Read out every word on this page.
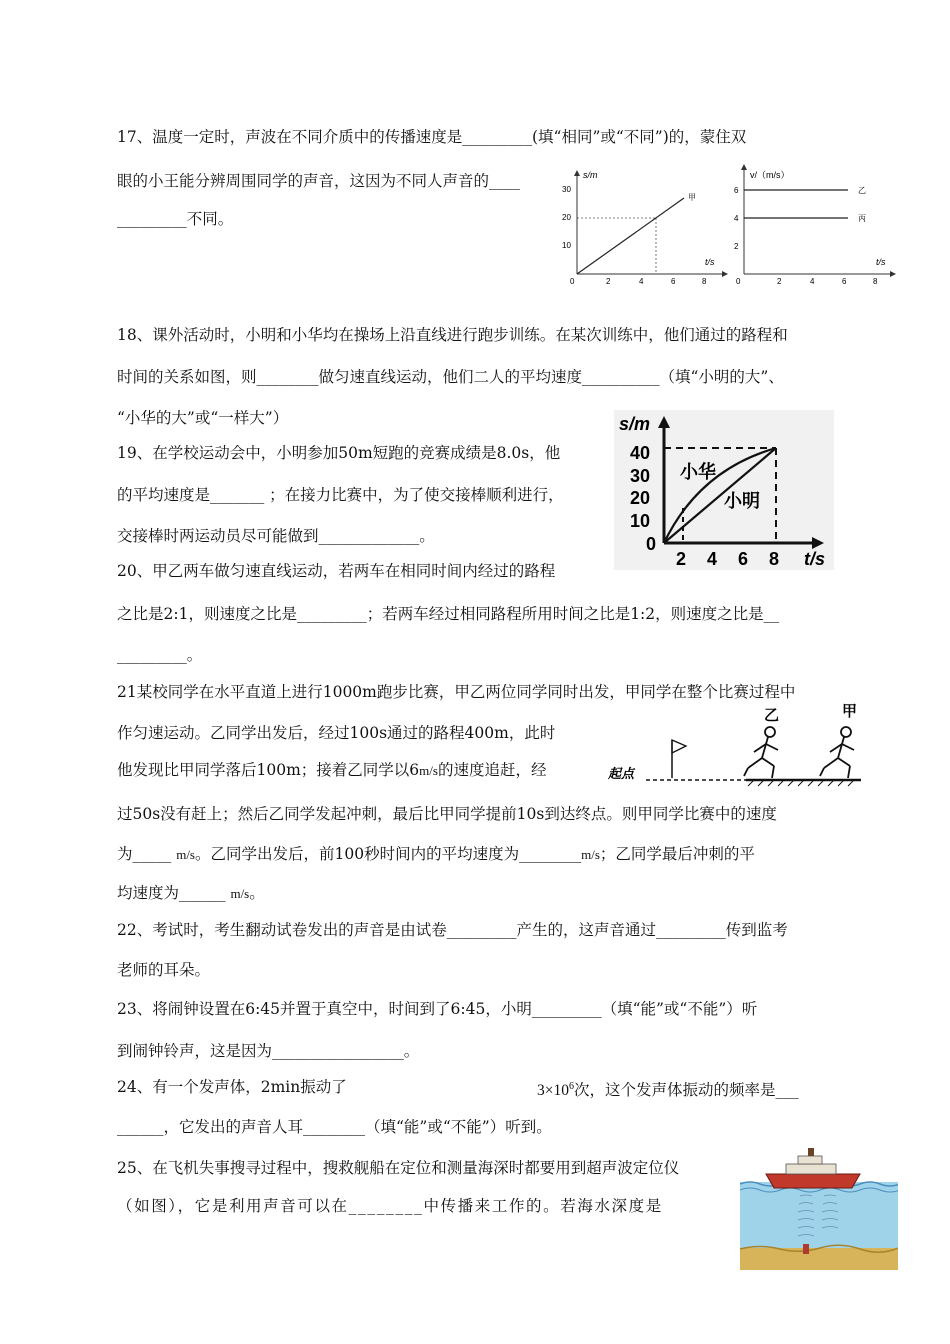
17、温度一定时，声波在不同介质中的传播速度是_________(填“相同”或“不同”)的，蒙住双
眼的小王能分辨周围同学的声音，这因为不同人声音的____
_________不同。
s/m
t/s
30
20
10
0	2	4	6	8
甲
v/（m/s）
t/s
6
4
2
0	2	4	6	8
乙
丙
18、课外活动时，小明和小华均在操场上沿直线进行跑步训练。在某次训练中，他们通过的路程和
时间的关系如图，则________做匀速直线运动，他们二人的平均速度__________（填“小明的大”、
“小华的大”或“一样大”）	s/m
t/s
40
30
20
10
0
2 4 6 8
小华
小明
19、在学校运动会中，小明参加50m短跑的竞赛成绩是8.0s，他
的平均速度是_______ ；在接力比赛中，为了使交接棒顺利进行，
交接棒时两运动员尽可能做到_____________。
20、甲乙两车做匀速直线运动，若两车在相同时间内经过的路程
之比是2:1，则速度之比是_________；若两车经过相同路程所用时间之比是1:2，则速度之比是__
_________。
21某校同学在水平直道上进行1000m跑步比赛，甲乙两位同学同时出发，甲同学在整个比赛过程中
作匀速运动。乙同学出发后，经过100s通过的路程400m，此时
他发现比甲同学落后100m；接着乙同学以6m/s的速度追赶，经
过50s没有赶上；然后乙同学发起冲刺，最后比甲同学提前10s到达终点。则甲同学比赛中的速度
为_____ m/s。乙同学出发后，前100秒时间内的平均速度为________m/s；乙同学最后冲刺的平
均速度为______ m/s。
起点
乙	甲
22、考试时，考生翻动试卷发出的声音是由试卷_________产生的，这声音通过_________传到监考
老师的耳朵。
23、将闹钟设置在6:45并置于真空中，时间到了6:45，小明_________（填“能”或“不能”）听
到闹钟铃声，这是因为_________________。
24、有一个发声体，2min振动了	$3\times 10^6$次，这个发声体振动的频率是___
______，它发出的声音人耳________（填“能”或“不能”）听到。
25、在飞机失事搜寻过程中，搜救舰船在定位和测量海深时都要用到超声波定位仪
（如图），它是利用声音可以在________中传播来工作的。若海水深度是
